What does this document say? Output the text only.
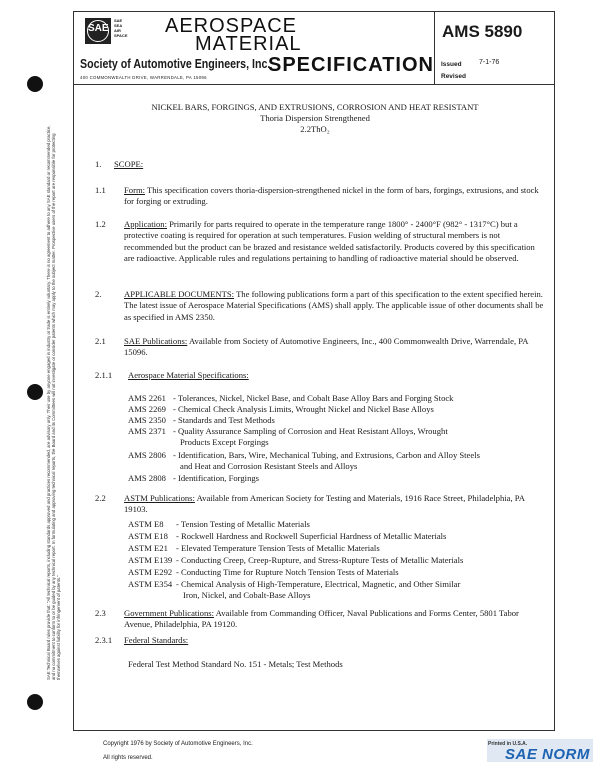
SAE Technical Board rules provide that: "All technical reports, including standards approved and practices recommended, are advisory only. Their use by anyone engaged in industry or trade is entirely voluntary. There is no agreement to adhere to any SAE standard or recommended practice, and no commitment to conform to or be guided by any technical report. In formulating and approving technical reports, the Board and its Committees will not investigate or consider patents which may apply to the subject matter. Prospective users of the report are responsible for protecting themselves against liability for infringement of patents."
SAE
SAE
SEA
AIR
SPACE AEROSPACE
MATERIAL
SPECIFICATION
Society of Automotive Engineers, Inc.
400 COMMONWEALTH DRIVE, WARRENDALE, PA 15096
AMS 5890
Issued 7-1-76
Revised
NICKEL BARS, FORGINGS, AND EXTRUSIONS, CORROSION AND HEAT RESISTANT
Thoria Dispersion Strengthened
2.2ThO₂
1. SCOPE:
1.1 Form: This specification covers thoria-dispersion-strengthened nickel in the form of bars, forgings, extrusions, and stock for forging or extruding.
1.2 Application: Primarily for parts required to operate in the temperature range 1800° - 2400°F (982° - 1317°C) but a protective coating is required for operation at such temperatures. Fusion welding of structural members is not recommended but the product can be brazed and resistance welded satisfactorily. Products covered by this specification are radioactive. Applicable rules and regulations pertaining to handling of radioactive material should be observed.
2.	APPLICABLE DOCUMENTS: The following publications form a part of this specification to the extent specified herein. The latest issue of Aerospace Material Specifications (AMS) shall apply. The applicable issue of other documents shall be as specified in AMS 2350.
2.1 SAE Publications: Available from Society of Automotive Engineers, Inc., 400 Commonwealth Drive, Warrendale, PA 15096.
2.1.1 Aerospace Material Specifications:
AMS 2261 - Tolerances, Nickel, Nickel Base, and Cobalt Base Alloy Bars and Forging Stock
AMS 2269 - Chemical Check Analysis Limits, Wrought Nickel and Nickel Base Alloys
AMS 2350 - Standards and Test Methods
AMS 2371 - Quality Assurance Sampling of Corrosion and Heat Resistant Alloys, Wrought
Products Except Forgings
AMS 2806 - Identification, Bars, Wire, Mechanical Tubing, and Extrusions, Carbon and Alloy Steels
and Heat and Corrosion Resistant Steels and Alloys
AMS 2808 - Identification, Forgings
2.2 ASTM Publications: Available from American Society for Testing and Materials, 1916 Race Street, Philadelphia, PA 19103.
ASTM E8 - Tension Testing of Metallic Materials
ASTM E18 - Rockwell Hardness and Rockwell Superficial Hardness of Metallic Materials
ASTM E21 - Elevated Temperature Tension Tests of Metallic Materials
ASTM E139 - Conducting Creep, Creep-Rupture, and Stress-Rupture Tests of Metallic Materials
ASTM E292 - Conducting Time for Rupture Notch Tension Tests of Materials
ASTM E354 - Chemical Analysis of High-Temperature, Electrical, Magnetic, and Other Similar
Iron, Nickel, and Cobalt-Base Alloys
2.3 Government Publications: Available from Commanding Officer, Naval Publications and Forms Center, 5801 Tabor Avenue, Philadelphia, PA 19120.
2.3.1 Federal Standards:
Federal Test Method Standard No. 151 - Metals; Test Methods
Copyright 1976 by Society of Automotive Engineers, Inc.
All rights reserved.
Printed in U.S.A.
SAE NORM
